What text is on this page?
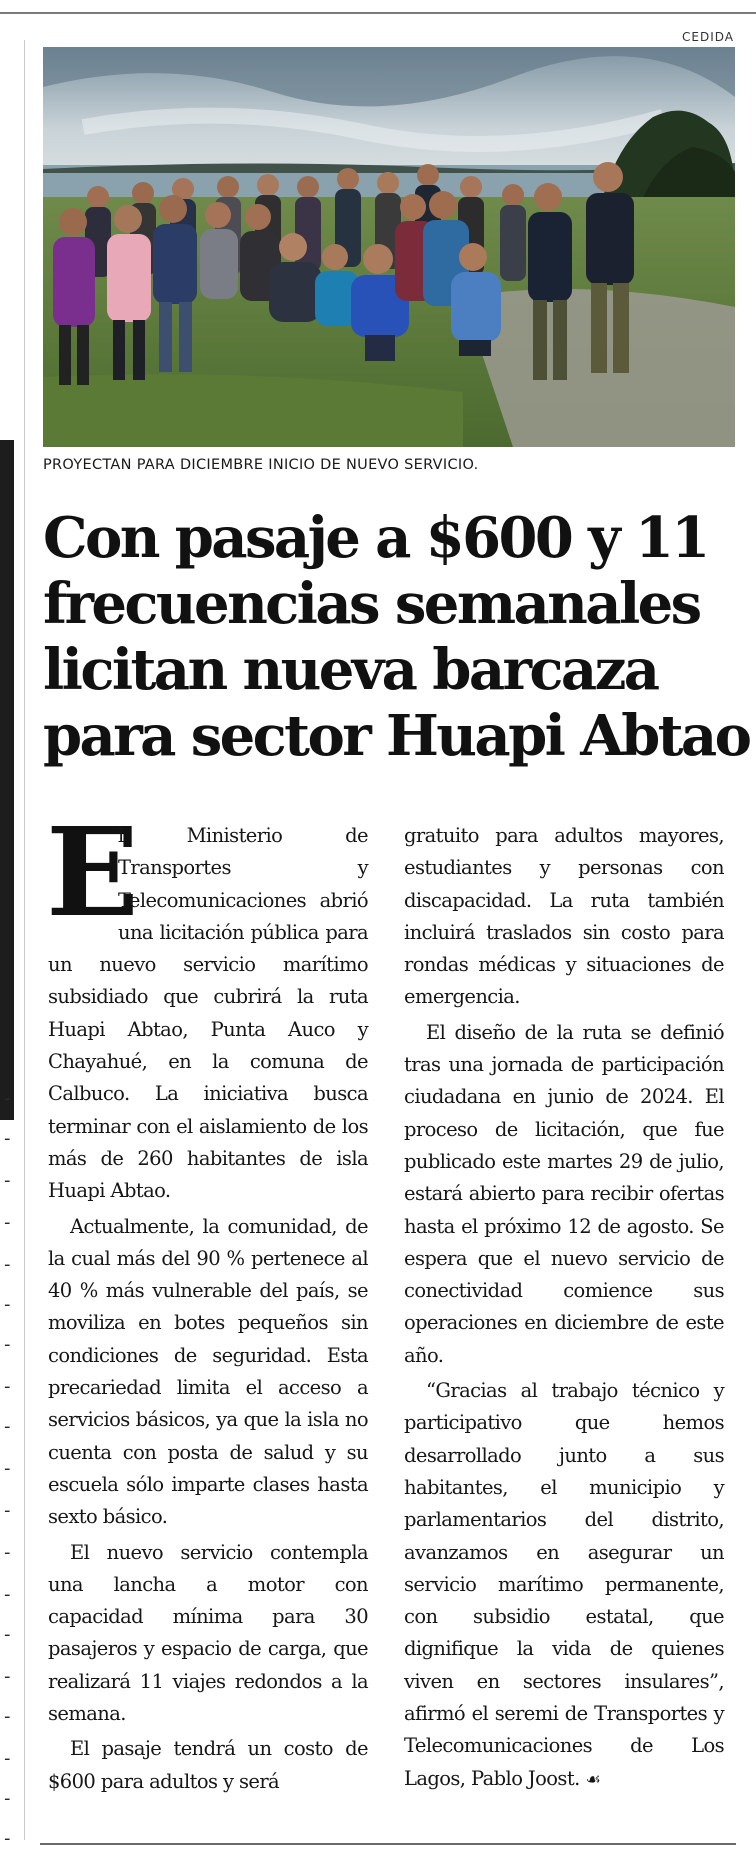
-
-
-
-
-
-
-
-
-
-
-
-
-
-
-
-
-
-
-
CEDIDA
PROYECTAN PARA DICIEMBRE INICIO DE NUEVO SERVICIO.
Con pasaje a $600 y 11
frecuencias semanales
licitan nueva barcaza
para sector Huapi Abtao

E
l Ministerio de Transportes y Telecomunicaciones abrió una licitación pública para un nuevo servicio marítimo subsidiado que cubrirá la ruta Huapi Abtao, Punta Auco y Chayahué, en la comuna de Calbuco. La iniciativa busca terminar con el aislamiento de los más de 260 habitantes de isla Huapi Abtao.

Actualmente, la comunidad, de la cual más del 90 % pertenece al 40 % más vulnerable del país, se moviliza en botes pequeños sin condiciones de seguridad. Esta precariedad limita el acceso a servicios básicos, ya que la isla no cuenta con posta de salud y su escuela sólo imparte clases hasta sexto básico.

El nuevo servicio contempla una lancha a motor con capacidad mínima para 30 pasajeros y espacio de carga, que realizará 11 viajes redondos a la semana.

El pasaje tendrá un costo de $600 para adultos y será

gratuito para adultos mayores, estudiantes y personas con discapacidad. La ruta también incluirá traslados sin costo para rondas médicas y situaciones de emergencia.

El diseño de la ruta se definió tras una jornada de participación ciudadana en junio de 2024. El proceso de licitación, que fue publicado este martes 29 de julio, estará abierto para recibir ofertas hasta el próximo 12 de agosto. Se espera que el nuevo servicio de conectividad comience sus operaciones en diciembre de este año.

“Gracias al trabajo técnico y participativo que hemos desarrollado junto a sus habitantes, el municipio y parlamentarios del distrito, avanzamos en asegurar un servicio marítimo permanente, con subsidio estatal, que dignifique la vida de quienes viven en sectores insulares”, afirmó el seremi de Transportes y Telecomunicaciones de Los Lagos, Pablo Joost. ☙
